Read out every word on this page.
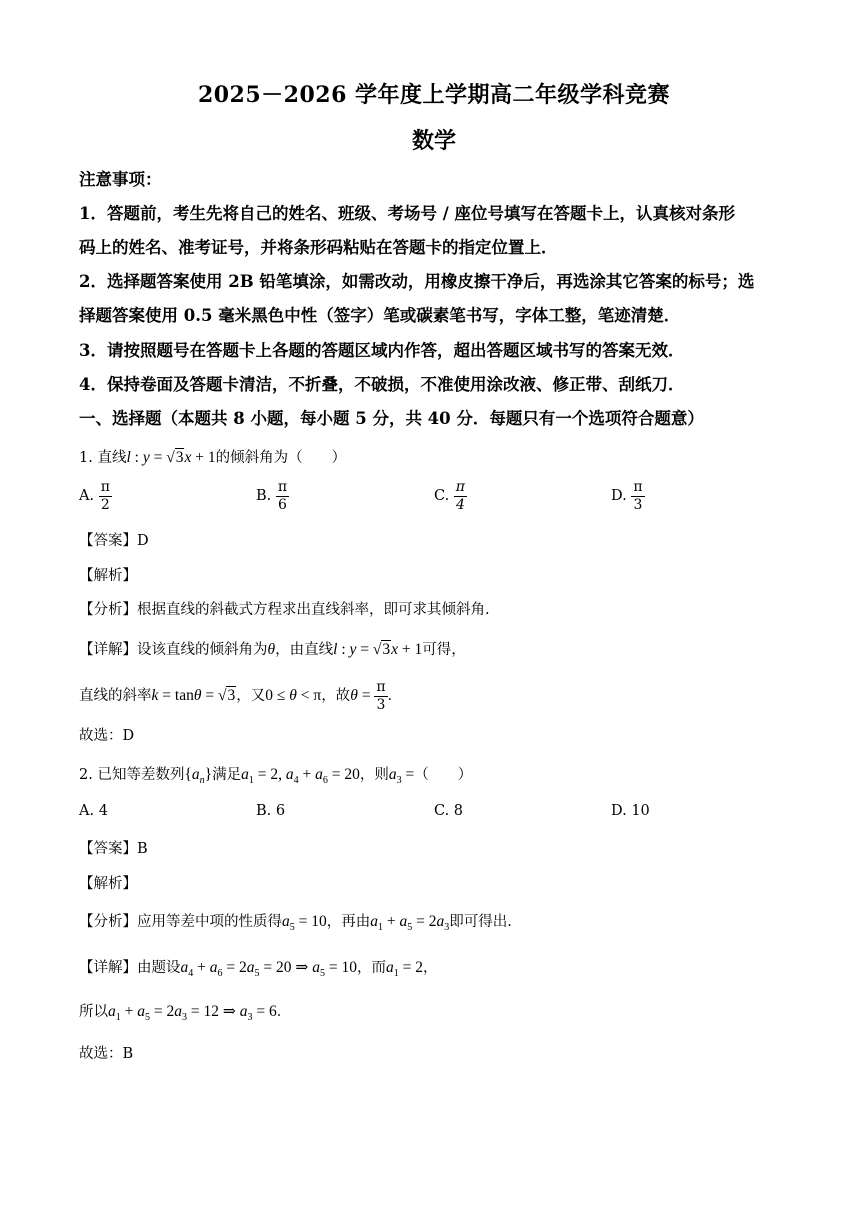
2025－2026 学年度上学期高二年级学科竞赛
数学
注意事项：
1．答题前，考生先将自己的姓名、班级、考场号 / 座位号填写在答题卡上，认真核对条形
码上的姓名、准考证号，并将条形码粘贴在答题卡的指定位置上．
2．选择题答案使用 2B 铅笔填涂，如需改动，用橡皮擦干净后，再选涂其它答案的标号；选
择题答案使用 0.5 毫米黑色中性（签字）笔或碳素笔书写，字体工整，笔迹清楚．
3．请按照题号在答题卡上各题的答题区域内作答，超出答题区域书写的答案无效．
4．保持卷面及答题卡清洁，不折叠，不破损，不准使用涂改液、修正带、刮纸刀．
一、选择题（本题共 8 小题，每小题 5 分，共 40 分．每题只有一个选项符合题意）
1. 直线l : y = √3x + 1的倾斜角为（　　）
A. $\frac{\pi}{2}$	B. $\frac{\pi}{6}$	C. $\frac{\pi}{4}$	D. $\frac{\pi}{3}$
【答案】D
【解析】
【分析】根据直线的斜截式方程求出直线斜率，即可求其倾斜角.
【详解】设该直线的倾斜角为θ，由直线l : y = √3x + 1可得，
直线的斜率k = tanθ = √3，又0 ≤ θ < π，故$\theta = \frac{\pi}{3}$ ．
故选：D
2. 已知等差数列$\{a_n\}$满足$a_1 = 2$, $a_4 + a_6 = 20$，则$a_3$ =（　　）
A. 4	B. 6	C. 8	D. 10
【答案】B
【解析】
【分析】应用等差中项的性质得$a_5 = 10$，再由$a_1 + a_5 = 2a_3$即可得出.
【详解】由题设$a_4 + a_6 = 2a_5 = 20$ ⇒ $a_5 = 10$，而$a_1 = 2$，
所以$a_1 + a_5 = 2a_3 = 12$ ⇒ $a_3 = 6$．
故选：B
